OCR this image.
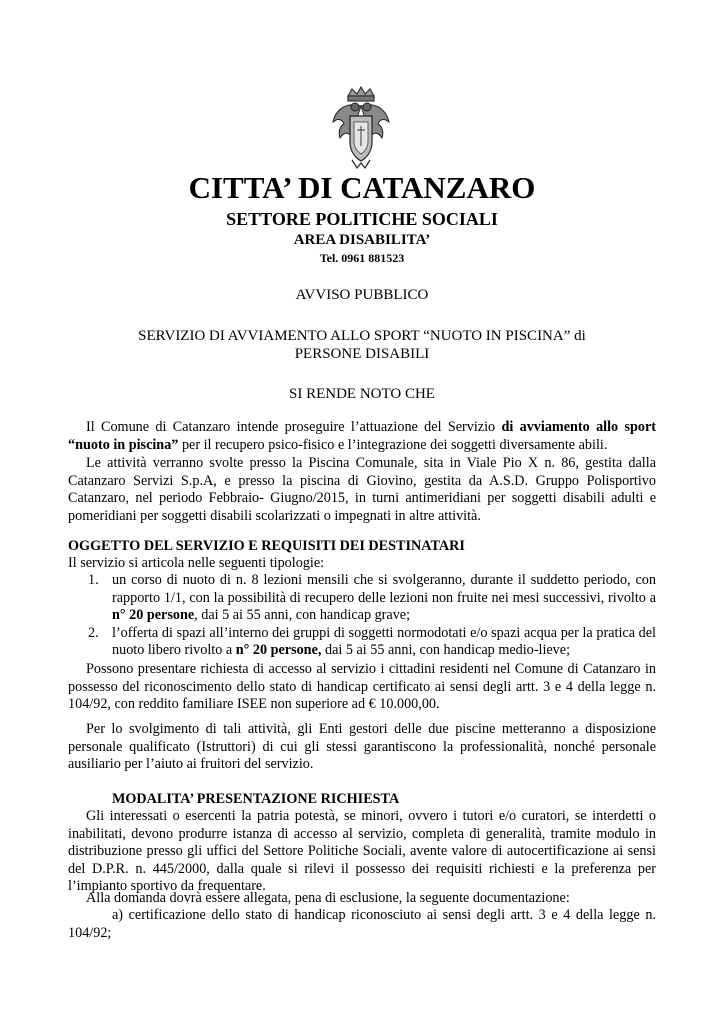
CITTA’ DI CATANZARO
SETTORE POLITICHE SOCIALI
AREA DISABILITA’
Tel. 0961 881523
AVVISO PUBBLICO
SERVIZIO DI AVVIAMENTO ALLO SPORT “NUOTO IN PISCINA” di
PERSONE DISABILI
SI RENDE NOTO CHE

Il Comune di Catanzaro intende proseguire l’attuazione del Servizio di avviamento allo sport “nuoto in piscina” per il recupero psico-fisico e l’integrazione dei soggetti diversamente abili.

Le attività verranno svolte presso la Piscina Comunale, sita in Viale Pio X n. 86, gestita dalla Catanzaro Servizi S.p.A, e presso la piscina di Giovino, gestita da A.S.D. Gruppo Polisportivo Catanzaro, nel periodo Febbraio- Giugno/2015, in turni antimeridiani per soggetti disabili adulti e pomeridiani per soggetti disabili scolarizzati o impegnati in altre attività.

OGGETTO DEL SERVIZIO E REQUISITI DEI DESTINATARI

Il servizio si articola nelle seguenti tipologie:

1. un corso di nuoto di n. 8 lezioni mensili che si svolgeranno, durante il suddetto periodo, con rapporto 1/1, con la possibilità di recupero delle lezioni non fruite nei mesi successivi, rivolto a n° 20 persone, dai 5 ai 55 anni, con handicap grave;
2. l’offerta di spazi all’interno dei gruppi di soggetti normodotati e/o spazi acqua per la pratica del nuoto libero rivolto a n° 20 persone, dai 5 ai 55 anni, con handicap medio-lieve;

Possono presentare richiesta di accesso al servizio i cittadini residenti nel Comune di Catanzaro in possesso del riconoscimento dello stato di handicap certificato ai sensi degli artt. 3 e 4 della legge n. 104/92, con reddito familiare ISEE non superiore ad € 10.000,00.

Per lo svolgimento di tali attività, gli Enti gestori delle due piscine metteranno a disposizione personale qualificato (Istruttori) di cui gli stessi garantiscono la professionalità, nonché personale ausiliario per l’aiuto ai fruitori del servizio.

MODALITA’ PRESENTAZIONE RICHIESTA

Gli interessati o esercenti la patria potestà, se minori, ovvero i tutori e/o curatori, se interdetti o inabilitati, devono produrre istanza di accesso al servizio, completa di generalità, tramite modulo in distribuzione presso gli uffici del Settore Politiche Sociali, avente valore di autocertificazione ai sensi del D.P.R. n. 445/2000, dalla quale si rilevi il possesso dei requisiti richiesti e la preferenza per l’impianto sportivo da frequentare.

Alla domanda dovrà essere allegata, pena di esclusione, la seguente documentazione:

a) certificazione dello stato di handicap riconosciuto ai sensi degli artt. 3 e 4 della legge n. 104/92;
